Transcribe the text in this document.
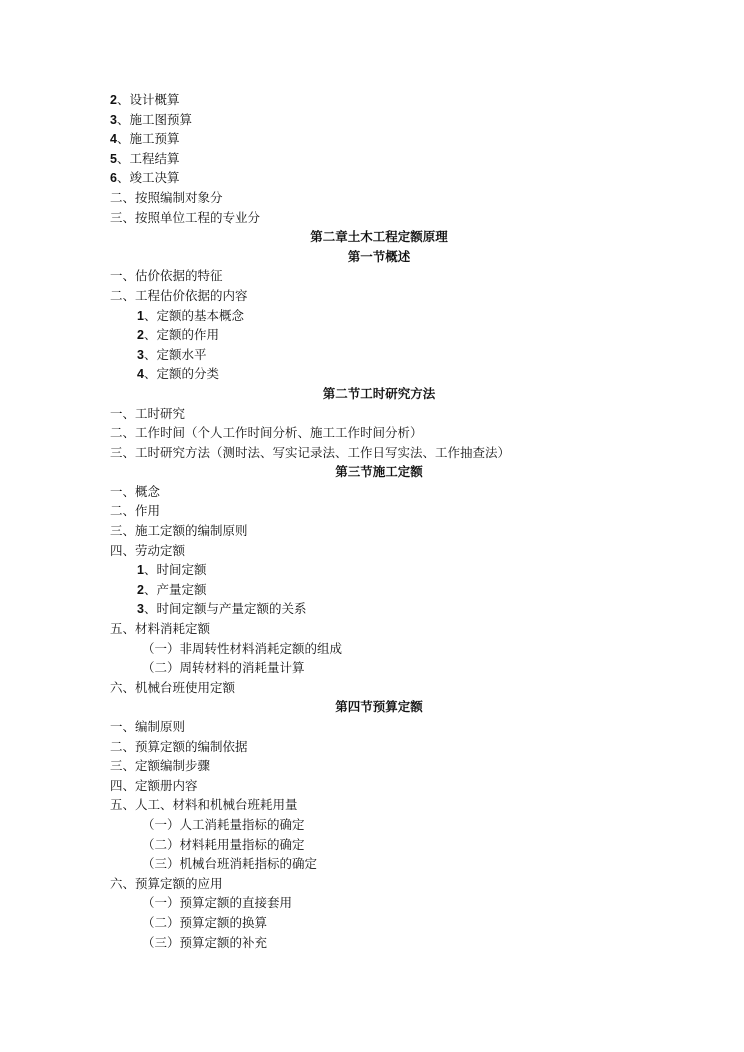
2、设计概算
3、施工图预算
4、施工预算
5、工程结算
6、竣工决算
二、按照编制对象分
三、按照单位工程的专业分
第二章土木工程定额原理
第一节概述
一、估价依据的特征
二、工程估价依据的内容
1、定额的基本概念
2、定额的作用
3、定额水平
4、定额的分类
第二节工时研究方法
一、工时研究
二、工作时间（个人工作时间分析、施工工作时间分析）
三、工时研究方法（测时法、写实记录法、工作日写实法、工作抽查法）
第三节施工定额
一、概念
二、作用
三、施工定额的编制原则
四、劳动定额
1、时间定额
2、产量定额
3、时间定额与产量定额的关系
五、材料消耗定额
（一）非周转性材料消耗定额的组成
（二）周转材料的消耗量计算
六、机械台班使用定额
第四节预算定额
一、编制原则
二、预算定额的编制依据
三、定额编制步骤
四、定额册内容
五、人工、材料和机械台班耗用量
（一）人工消耗量指标的确定
（二）材料耗用量指标的确定
（三）机械台班消耗指标的确定
六、预算定额的应用
（一）预算定额的直接套用
（二）预算定额的换算
（三）预算定额的补充
